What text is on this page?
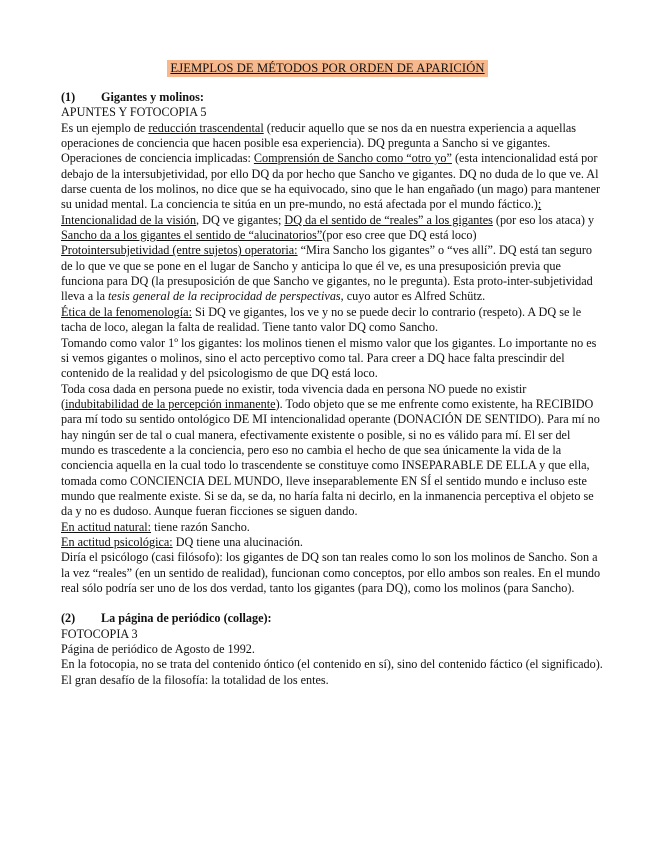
EJEMPLOS DE MÉTODOS POR ORDEN DE APARICIÓN

(1) Gigantes y molinos:

APUNTES Y FOTOCOPIA 5

Es un ejemplo de reducción trascendental (reducir aquello que se nos da en nuestra experiencia a aquellas operaciones de conciencia que hacen posible esa experiencia). DQ pregunta a Sancho si ve gigantes. Operaciones de conciencia implicadas: Comprensión de Sancho como “otro yo” (esta intencionalidad está por debajo de la intersubjetividad, por ello DQ da por hecho que Sancho ve gigantes. DQ no duda de lo que ve. Al darse cuenta de los molinos, no dice que se ha equivocado, sino que le han engañado (un mago) para mantener su unidad mental. La conciencia te sitúa en un pre-mundo, no está afectada por el mundo fáctico.); Intencionalidad de la visión, DQ ve gigantes; DQ da el sentido de “reales” a los gigantes (por eso los ataca) y Sancho da a los gigantes el sentido de “alucinatorios”(por eso cree que DQ está loco)

Protointersubjetividad (entre sujetos) operatoria: “Mira Sancho los gigantes” o “ves allí”. DQ está tan seguro de lo que ve que se pone en el lugar de Sancho y anticipa lo que él ve, es una presuposición previa que funciona para DQ (la presuposición de que Sancho ve gigantes, no le pregunta). Esta proto-inter-subjetividad lleva a la tesis general de la reciprocidad de perspectivas, cuyo autor es Alfred Schütz.

Ética de la fenomenología: Si DQ ve gigantes, los ve y no se puede decir lo contrario (respeto). A DQ se le tacha de loco, alegan la falta de realidad. Tiene tanto valor DQ como Sancho.

Tomando como valor 1º los gigantes: los molinos tienen el mismo valor que los gigantes. Lo importante no es si vemos gigantes o molinos, sino el acto perceptivo como tal. Para creer a DQ hace falta prescindir del contenido de la realidad y del psicologismo de que DQ está loco.

Toda cosa dada en persona puede no existir, toda vivencia dada en persona NO puede no existir (indubitabilidad de la percepción inmanente). Todo objeto que se me enfrente como existente, ha RECIBIDO para mí todo su sentido ontológico DE MI intencionalidad operante (DONACIÓN DE SENTIDO). Para mí no hay ningún ser de tal o cual manera, efectivamente existente o posible, si no es válido para mí. El ser del mundo es trascedente a la conciencia, pero eso no cambia el hecho de que sea únicamente la vida de la conciencia aquella en la cual todo lo trascendente se constituye como INSEPARABLE DE ELLA y que ella, tomada como CONCIENCIA DEL MUNDO, lleve inseparablemente EN SÍ el sentido mundo e incluso este mundo que realmente existe. Si se da, se da, no haría falta ni decirlo, en la inmanencia perceptiva el objeto se da y no es dudoso. Aunque fueran ficciones se siguen dando.

En actitud natural: tiene razón Sancho.

En actitud psicológica: DQ tiene una alucinación.

Diría el psicólogo (casi filósofo): los gigantes de DQ son tan reales como lo son los molinos de Sancho. Son a la vez “reales” (en un sentido de realidad), funcionan como conceptos, por ello ambos son reales. En el mundo real sólo podría ser uno de los dos verdad, tanto los gigantes (para DQ), como los molinos (para Sancho).

(2) La página de periódico (collage):

FOTOCOPIA 3

Página de periódico de Agosto de 1992.

En la fotocopia, no se trata del contenido óntico (el contenido en sí), sino del contenido fáctico (el significado).

El gran desafío de la filosofía: la totalidad de los entes.
